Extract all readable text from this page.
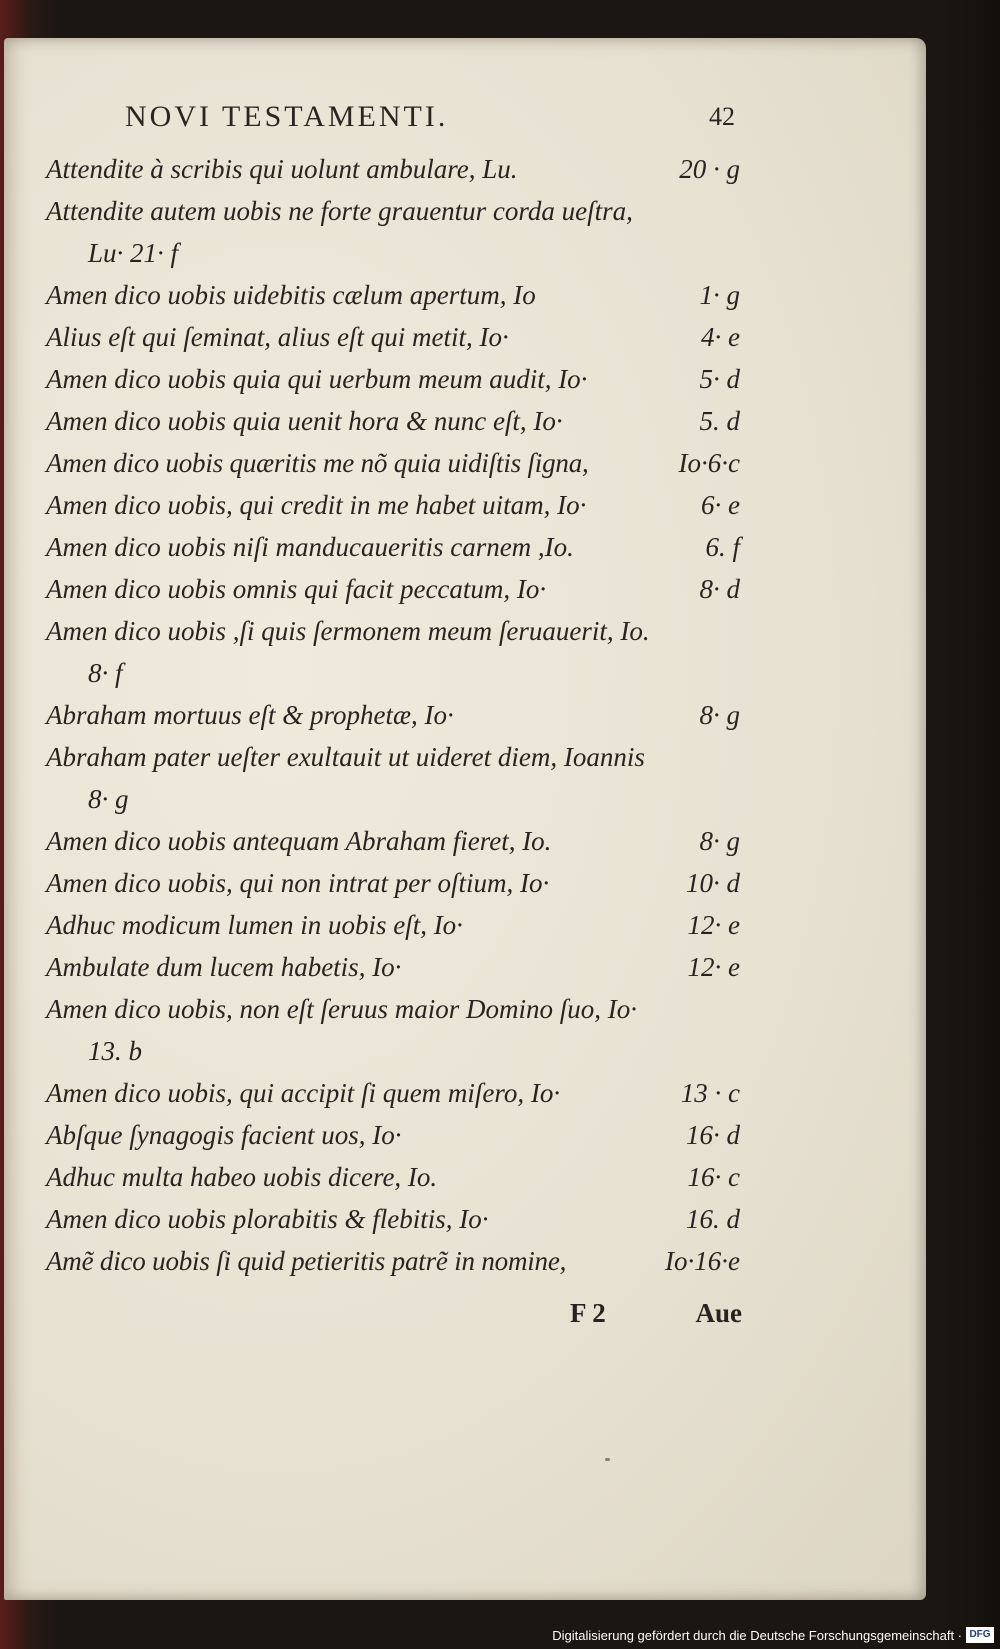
NOVI TESTAMENTI.	42
Attendite à scribis qui uolunt ambulare, Lu.	20 · g
Attendite autem uobis ne forte grauentur corda ueſtra,
Lu· 21· f
Amen dico uobis uidebitis cælum apertum, Io	1· g
Alius eſt qui ſeminat, alius eſt qui metit, Io·	4· e
Amen dico uobis quia qui uerbum meum audit, Io·	5· d
Amen dico uobis quia uenit hora & nunc eſt, Io·	5. d
Amen dico uobis quæritis me nõ quia uidiſtis ſigna,	Io·6·c
Amen dico uobis, qui credit in me habet uitam, Io·	6· e
Amen dico uobis niſi manducaueritis carnem ,Io.	6. f
Amen dico uobis omnis qui facit peccatum, Io·	8· d
Amen dico uobis ,ſi quis ſermonem meum ſeruauerit, Io.
8· f
Abraham mortuus eſt & prophetæ, Io·	8· g
Abraham pater ueſter exultauit ut uideret diem, Ioannis
8· g
Amen dico uobis antequam Abraham fieret, Io.	8· g
Amen dico uobis, qui non intrat per oſtium, Io·	10· d
Adhuc modicum lumen in uobis eſt, Io·	12· e
Ambulate dum lucem habetis, Io·	12· e
Amen dico uobis, non eſt ſeruus maior Domino ſuo, Io·
13. b
Amen dico uobis, qui accipit ſi quem miſero, Io·	13 · c
Abſque ſynagogis facient uos, Io·	16· d
Adhuc multa habeo uobis dicere, Io.	16· c
Amen dico uobis plorabitis & flebitis, Io·	16. d
Amẽ dico uobis ſi quid petieritis patrẽ in nomine,	Io·16·e
F 2	Aue
Digitalisierung gefördert durch die Deutsche Forschungsgemeinschaft · DFG
